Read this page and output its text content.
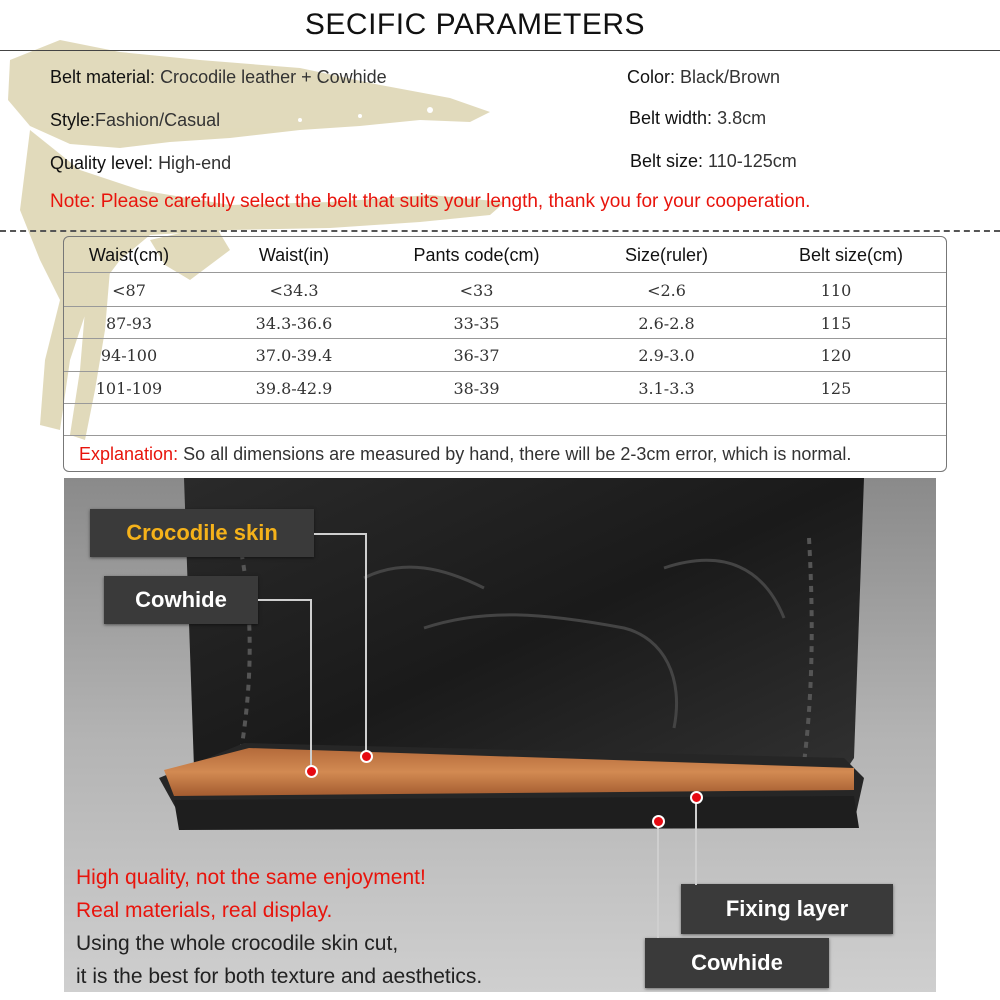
SECIFIC PARAMETERS
Belt material: Crocodile leather + Cowhide
Style:Fashion/Casual
Quality level: High-end
Color: Black/Brown
Belt width: 3.8cm
Belt size: 110-125cm
Note: Please carefully select the belt that suits your length, thank you for your cooperation.
Waist(cm)	Waist(in)	Pants code(cm)	Size(ruler)	Belt size(cm)
<87	<34.3	<33	<2.6	110
87-93	34.3-36.6	33-35	2.6-2.8	115
94-100	37.0-39.4	36-37	2.9-3.0	120
101-109	39.8-42.9	38-39	3.1-3.3	125
Explanation: So all dimensions are measured by hand, there will be 2-3cm error, which is normal.
Crocodile skin
Cowhide
Fixing layer
Cowhide
High quality, not the same enjoyment!
Real materials, real display.
Using the whole crocodile skin cut,
it is the best for both texture and aesthetics.
